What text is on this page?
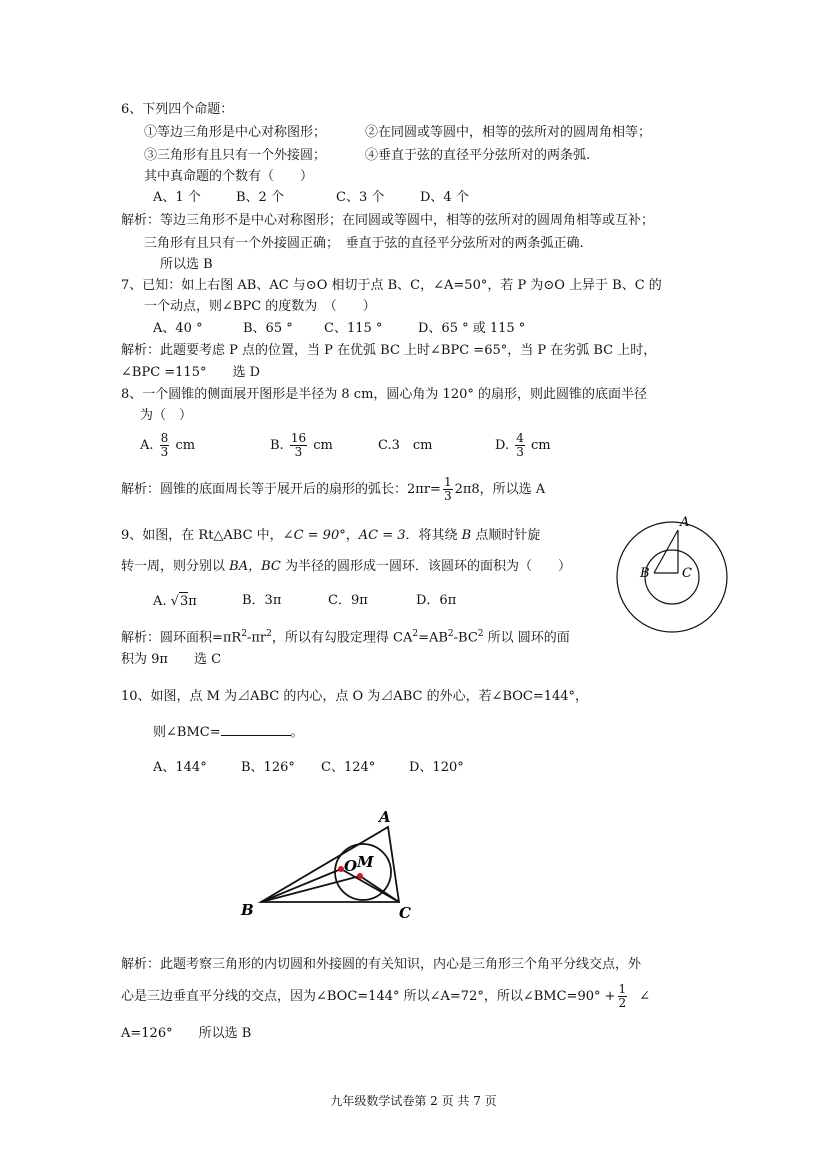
6、下列四个命题：
①等边三角形是中心对称图形；	②在同圆或等圆中，相等的弦所对的圆周角相等；
③三角形有且只有一个外接圆；	④垂直于弦的直径平分弦所对的两条弧.
其中真命题的个数有（　　）
A、1 个	B、2 个	C、3 个	D、4 个
解析：等边三角形不是中心对称图形；在同圆或等圆中，相等的弦所对的圆周角相等或互补；
三角形有且只有一个外接圆正确；　垂直于弦的直径平分弦所对的两条弧正确.
所以选 B
7、已知：如上右图 AB、AC 与⊙O 相切于点 B、C，∠A=50°，若 P 为⊙O 上异于 B、C 的
一个动点，则∠BPC 的度数为　（　　）
A、40 °	B、65 ° C、115 °	D、65 ° 或 115 °
解析：此题要考虑 P 点的位置，当 P 在优弧 BC 上时∠BPC =65°，当 P 在劣弧 BC 上时，
∠BPC =115°　　选 D
8、一个圆锥的侧面展开图形是半径为 8 cm，圆心角为 120° 的扇形，则此圆锥的底面半径
为（　）
A. $\frac{8}{3}$ cm	B. $\frac{16}{3}$ cm	C.3　cm	D. $\frac{4}{3}$ cm
解析：圆锥的底面周长等于展开后的扇形的弧长：$2\pi r= \frac{1}{3} 2\pi 8$，所以选 A
9、如图，在 Rt△ABC 中，∠C = 90°，AC = 3．将其绕 B 点顺时针旋
转一周，则分别以 BA，BC 为半径的圆形成一圆环．该圆环的面积为（　　）
A. √3π	B．3π	C．9π	D．6π
解析：圆环面积$=\pi R^2-\pi r^2$，所以有勾股定理得 $CA^2=AB^2-BC^2$ 所以 圆环的面
积为 9π 选 C
A
B C
10、如图，点 M 为⊿ABC 的内心，点 O 为⊿ABC 的外心，若∠BOC=144°，
则∠BMC=	。
A、144°	B、126° C、124°	D、120°
A
B	C
O M
解析：此题考察三角形的内切圆和外接圆的有关知识，内心是三角形三个角平分线交点，外
心是三边垂直平分线的交点，因为∠BOC=144° 所以∠A=72°，所以∠BMC=90° + $\frac{1}{2}$ ∠
A=126°　　所以选 B
九年级数学试卷第 2 页 共 7 页
